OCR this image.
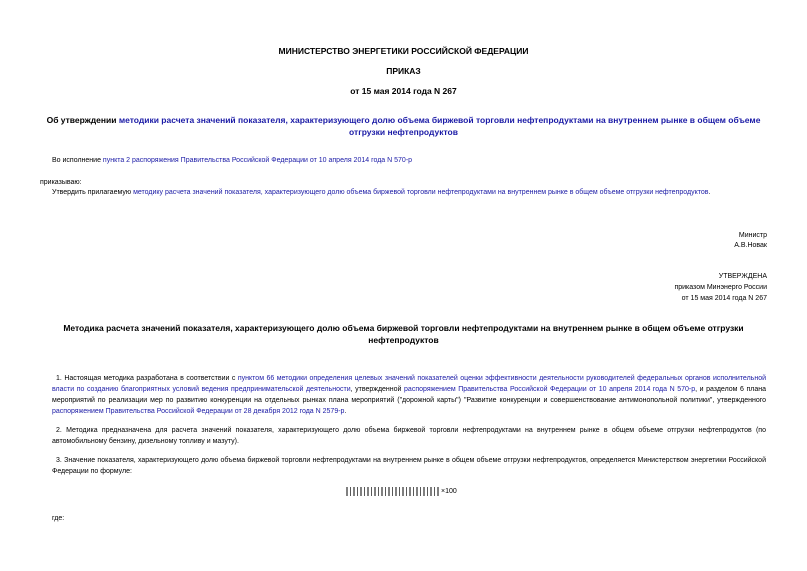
МИНИСТЕРСТВО ЭНЕРГЕТИКИ РОССИЙСКОЙ ФЕДЕРАЦИИ
ПРИКАЗ
от 15 мая 2014 года N 267
Об утверждении методики расчета значений показателя, характеризующего долю объема биржевой торговли нефтепродуктами на внутреннем рынке в общем объеме отгрузки нефтепродуктов
Во исполнение пункта 2 распоряжения Правительства Российской Федерации от 10 апреля 2014 года N 570-р
приказываю:
Утвердить прилагаемую методику расчета значений показателя, характеризующего долю объема биржевой торговли нефтепродуктами на внутреннем рынке в общем объеме отгрузки нефтепродуктов.
Министр
А.В.Новак
УТВЕРЖДЕНА
приказом Минэнерго России
от 15 мая 2014 года N 267
Методика расчета значений показателя, характеризующего долю объема биржевой торговли нефтепродуктами на внутреннем рынке в общем объеме отгрузки нефтепродуктов
1. Настоящая методика разработана в соответствии с пунктом 66 методики определения целевых значений показателей оценки эффективности деятельности руководителей федеральных органов исполнительной власти по созданию благоприятных условий ведения предпринимательской деятельности, утвержденной распоряжением Правительства Российской Федерации от 10 апреля 2014 года N 570-р, и разделом 6 плана мероприятий по реализации мер по развитию конкуренции на отдельных рынках плана мероприятий ("дорожной карты") "Развитие конкуренции и совершенствование антимонопольной политики", утвержденного распоряжением Правительства Российской Федерации от 28 декабря 2012 года N 2579-р.
2. Методика предназначена для расчета значений показателя, характеризующего долю объема биржевой торговли нефтепродуктами на внутреннем рынке в общем объеме отгрузки нефтепродуктов (по автомобильному бензину, дизельному топливу и мазуту).
3. Значение показателя, характеризующего долю объема биржевой торговли нефтепродуктами на внутреннем рынке в общем объеме отгрузки нефтепродуктов, определяется Министерством энергетики Российской Федерации по формуле:
×100
где:
